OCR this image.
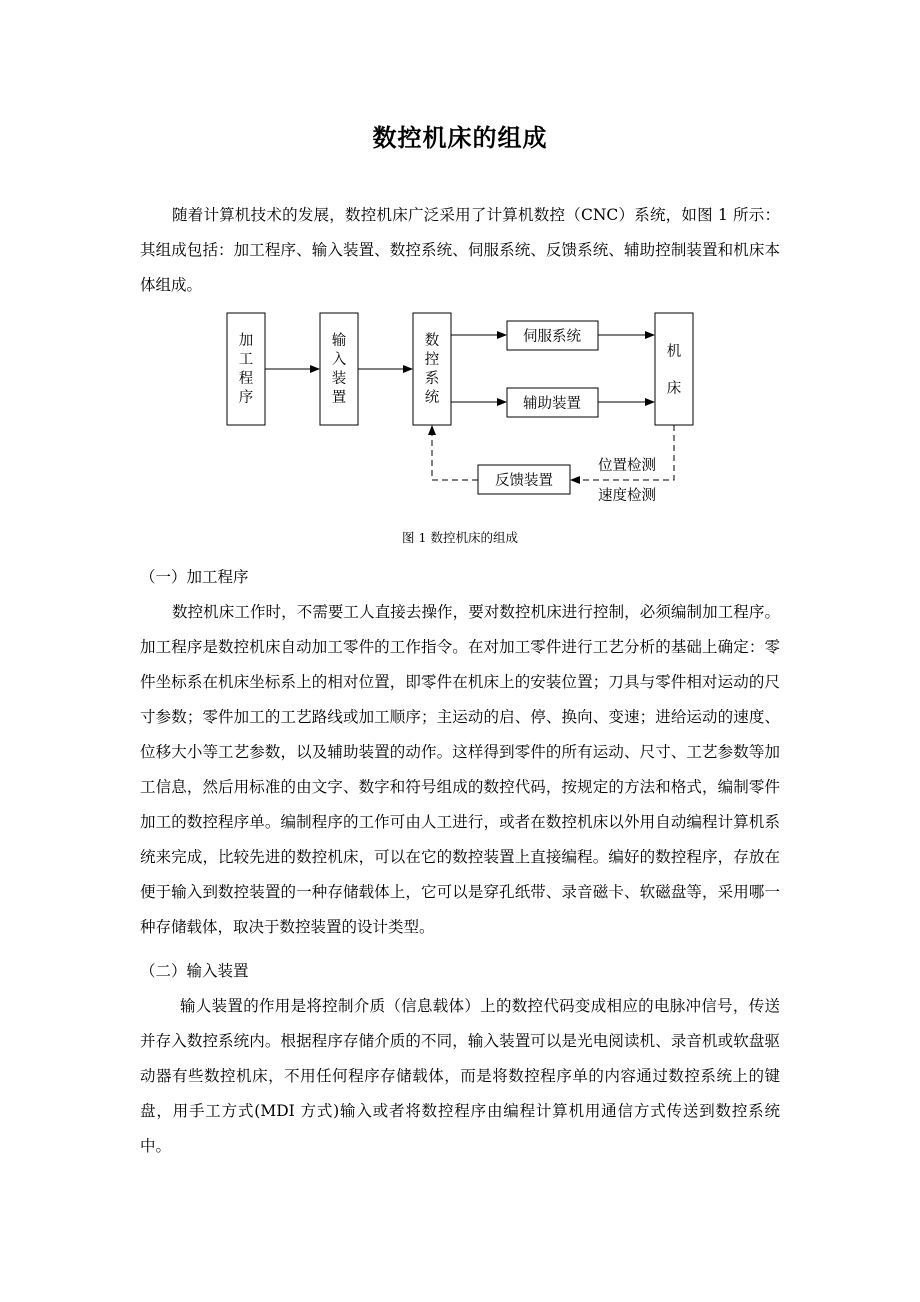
数控机床的组成

随着计算机技术的发展，数控机床广泛采用了计算机数控（CNC）系统，如图 1 所示：其组成包括：加工程序、输入装置、数控系统、伺服系统、反馈系统、辅助控制装置和机床本体组成。

加
工
程
序
输
入
装
置
数
控
系
统
机
床
伺服系统
辅助装置
反馈装置
位置检测
速度检测
图 1 数控机床的组成

（一）加工程序

数控机床工作时，不需要工人直接去操作，要对数控机床进行控制，必须编制加工程序。加工程序是数控机床自动加工零件的工作指令。在对加工零件进行工艺分析的基础上确定：零件坐标系在机床坐标系上的相对位置，即零件在机床上的安装位置；刀具与零件相对运动的尺寸参数；零件加工的工艺路线或加工顺序；主运动的启、停、换向、变速；进给运动的速度、位移大小等工艺参数，以及辅助装置的动作。这样得到零件的所有运动、尺寸、工艺参数等加工信息，然后用标准的由文字、数字和符号组成的数控代码，按规定的方法和格式，编制零件加工的数控程序单。编制程序的工作可由人工进行，或者在数控机床以外用自动编程计算机系统来完成，比较先进的数控机床，可以在它的数控装置上直接编程。编好的数控程序，存放在便于输入到数控装置的一种存储载体上，它可以是穿孔纸带、录音磁卡、软磁盘等，采用哪一种存储载体，取决于数控装置的设计类型。

（二）输入装置

输人装置的作用是将控制介质（信息载体）上的数控代码变成相应的电脉冲信号，传送并存入数控系统内。根据程序存储介质的不同，输入装置可以是光电阅读机、录音机或软盘驱动器有些数控机床，不用任何程序存储载体，而是将数控程序单的内容通过数控系统上的键盘，用手工方式(MDI 方式)输入或者将数控程序由编程计算机用通信方式传送到数控系统中。
